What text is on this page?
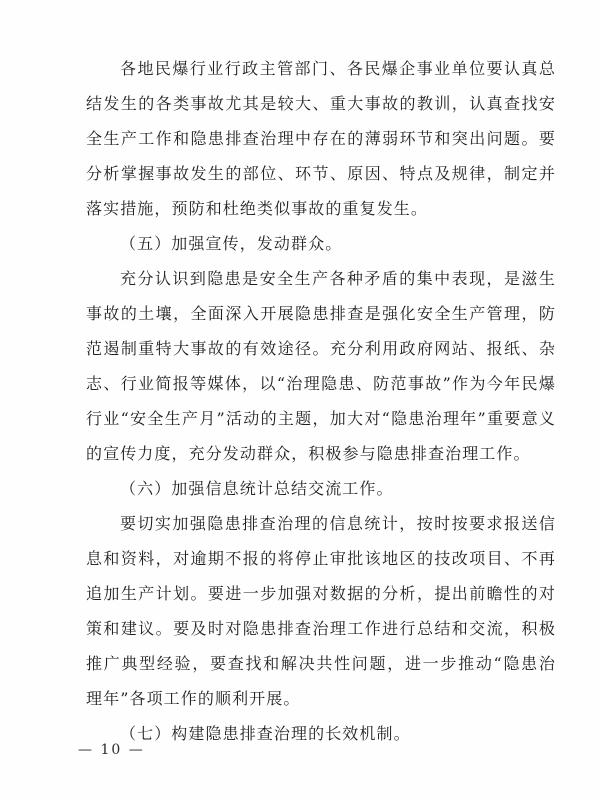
各地民爆行业行政主管部门、各民爆企事业单位要认真总结发生的各类事故尤其是较大、重大事故的教训，认真查找安全生产工作和隐患排查治理中存在的薄弱环节和突出问题。要分析掌握事故发生的部位、环节、原因、特点及规律，制定并落实措施，预防和杜绝类似事故的重复发生。

（五）加强宣传，发动群众。

充分认识到隐患是安全生产各种矛盾的集中表现，是滋生事故的土壤，全面深入开展隐患排查是强化安全生产管理，防范遏制重特大事故的有效途径。充分利用政府网站、报纸、杂志、行业简报等媒体，以“治理隐患、防范事故”作为今年民爆行业“安全生产月”活动的主题，加大对“隐患治理年”重要意义的宣传力度，充分发动群众，积极参与隐患排查治理工作。

（六）加强信息统计总结交流工作。

要切实加强隐患排查治理的信息统计，按时按要求报送信息和资料，对逾期不报的将停止审批该地区的技改项目、不再追加生产计划。要进一步加强对数据的分析，提出前瞻性的对策和建议。要及时对隐患排查治理工作进行总结和交流，积极推广典型经验，要查找和解决共性问题，进一步推动“隐患治理年”各项工作的顺利开展。

（七）构建隐患排查治理的长效机制。

— 10 —
